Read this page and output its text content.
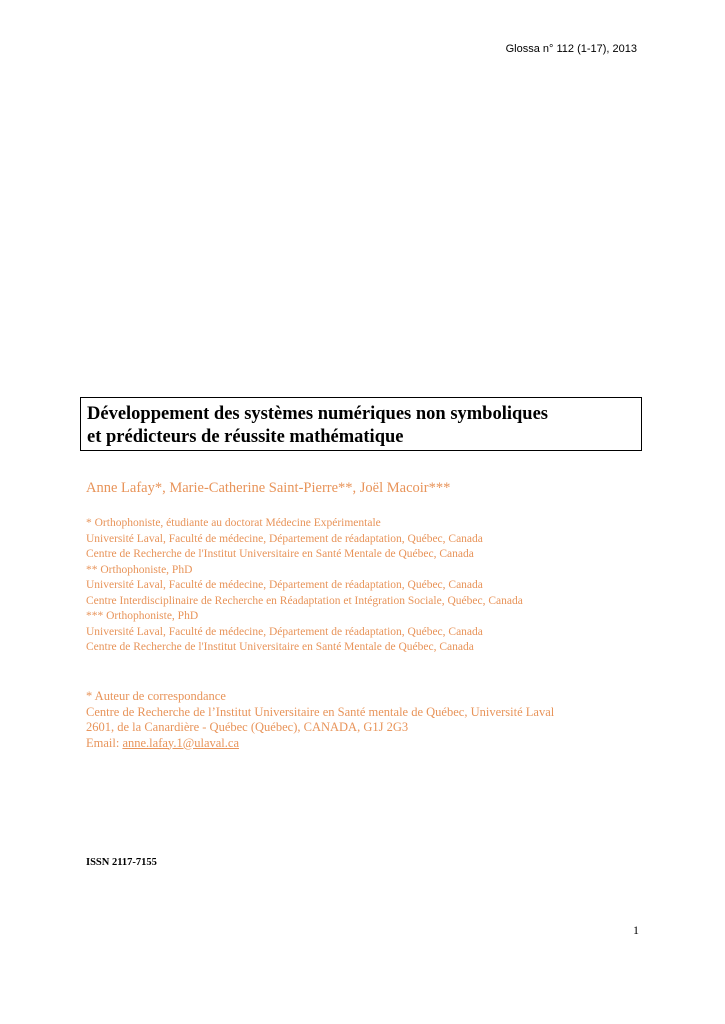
Glossa n° 112 (1-17), 2013
Développement des systèmes numériques non symboliques
et prédicteurs de réussite mathématique
Anne Lafay*, Marie-Catherine Saint-Pierre**, Joël Macoir***
* Orthophoniste, étudiante au doctorat Médecine Expérimentale
Université Laval, Faculté de médecine, Département de réadaptation, Québec, Canada
Centre de Recherche de l'Institut Universitaire en Santé Mentale de Québec, Canada
** Orthophoniste, PhD
Université Laval, Faculté de médecine, Département de réadaptation, Québec, Canada
Centre Interdisciplinaire de Recherche en Réadaptation et Intégration Sociale, Québec, Canada
*** Orthophoniste, PhD
Université Laval, Faculté de médecine, Département de réadaptation, Québec, Canada
Centre de Recherche de l'Institut Universitaire en Santé Mentale de Québec, Canada
* Auteur de correspondance
Centre de Recherche de l’Institut Universitaire en Santé mentale de Québec, Université Laval
2601, de la Canardière - Québec (Québec), CANADA, G1J 2G3
Email: anne.lafay.1@ulaval.ca
ISSN 2117-7155
1
